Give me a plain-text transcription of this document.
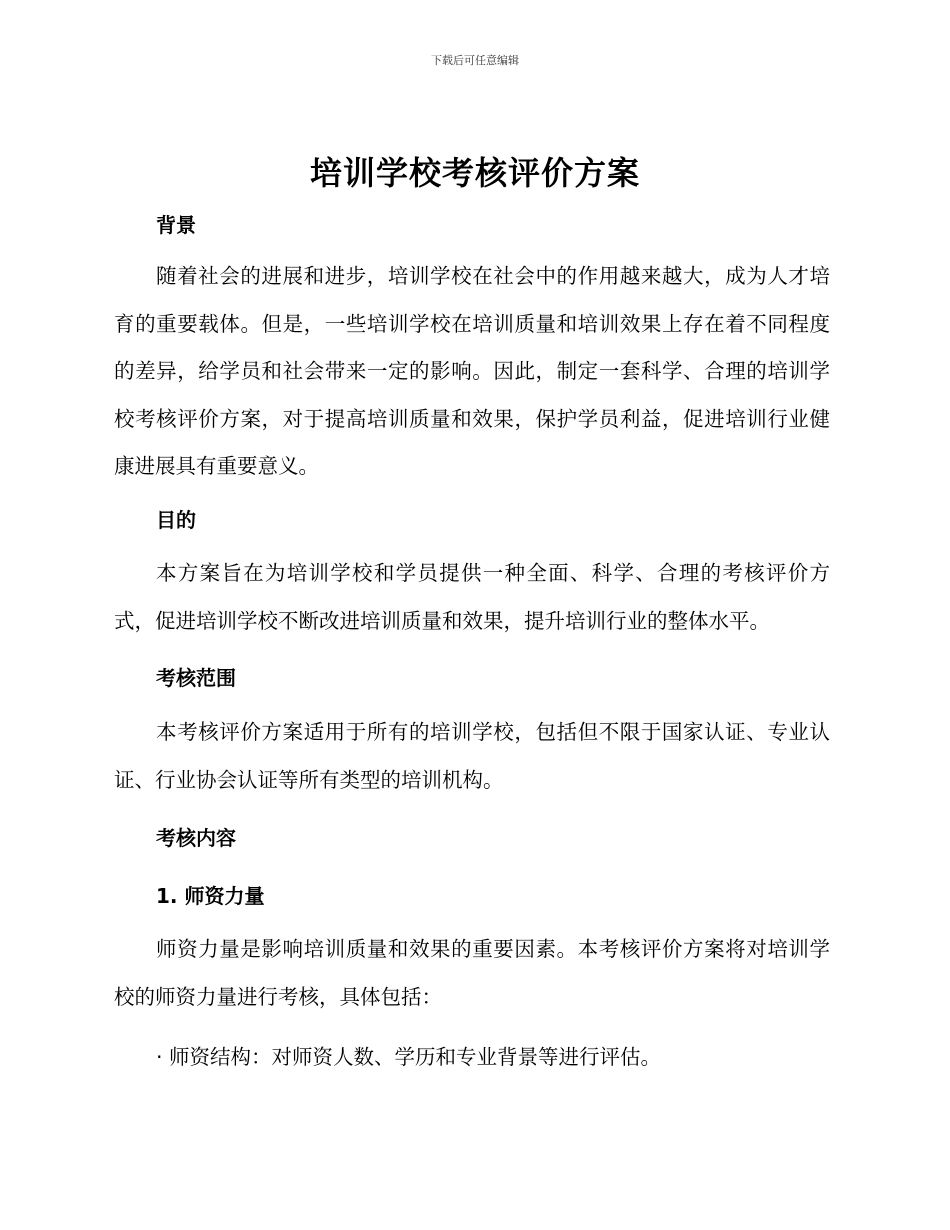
下载后可任意编辑
培训学校考核评价方案
背景

随着社会的进展和进步，培训学校在社会中的作用越来越大，成为人才培育的重要载体。但是，一些培训学校在培训质量和培训效果上存在着不同程度的差异，给学员和社会带来一定的影响。因此，制定一套科学、合理的培训学校考核评价方案，对于提高培训质量和效果，保护学员利益，促进培训行业健康进展具有重要意义。

目的

本方案旨在为培训学校和学员提供一种全面、科学、合理的考核评价方式，促进培训学校不断改进培训质量和效果，提升培训行业的整体水平。

考核范围

本考核评价方案适用于所有的培训学校，包括但不限于国家认证、专业认证、行业协会认证等所有类型的培训机构。

考核内容
1. 师资力量

师资力量是影响培训质量和效果的重要因素。本考核评价方案将对培训学校的师资力量进行考核，具体包括：

· 师资结构：对师资人数、学历和专业背景等进行评估。
